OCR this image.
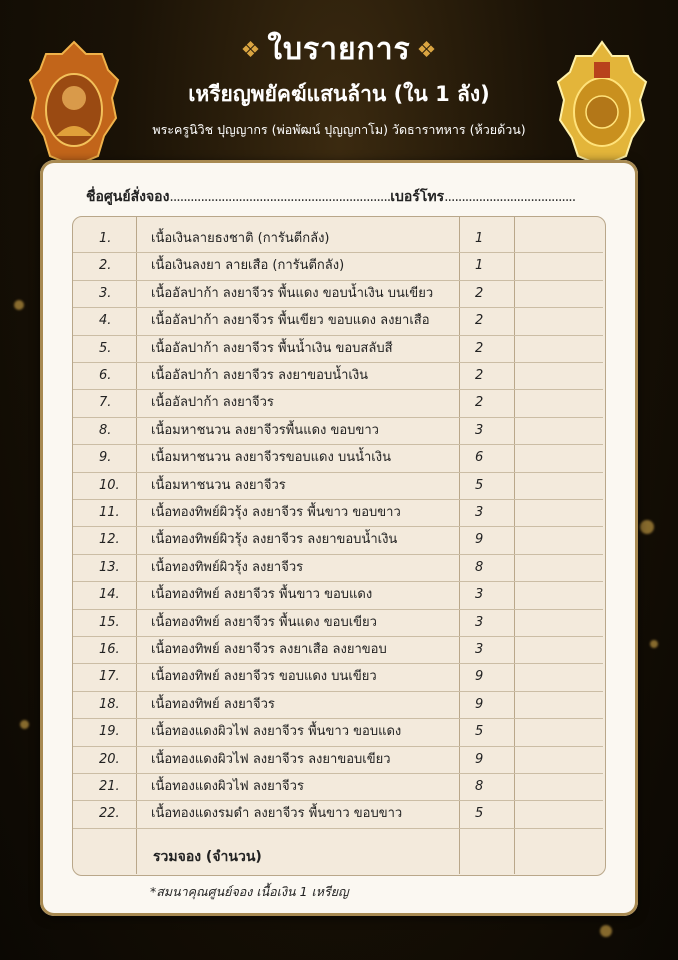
❖ ใบรายการ ❖
เหรียญพยัคฆ์แสนล้าน (ใน 1 ลัง)
พระครูนิวิช ปุญญากร (พ่อพัฒน์ ปุญญกาโม) วัดธาราทหาร (ห้วยด้วน)
ชื่อศูนย์สั่งจอง................................................................เบอร์โทร......................................
1.	เนื้อเงินลายธงชาติ (การันตีกลัง)	1
2.	เนื้อเงินลงยา ลายเสือ (การันตีกลัง)	1
3.	เนื้ออัลปาก้า ลงยาจีวร พื้นแดง ขอบน้ำเงิน บนเขียว	2
4.	เนื้ออัลปาก้า ลงยาจีวร พื้นเขียว ขอบแดง ลงยาเสือ	2
5.	เนื้ออัลปาก้า ลงยาจีวร พื้นน้ำเงิน ขอบสลับสี	2
6.	เนื้ออัลปาก้า ลงยาจีวร ลงยาขอบน้ำเงิน	2
7.	เนื้ออัลปาก้า ลงยาจีวร	2
8.	เนื้อมหาชนวน ลงยาจีวรพื้นแดง ขอบขาว	3
9.	เนื้อมหาชนวน ลงยาจีวรขอบแดง บนน้ำเงิน	6
10.	เนื้อมหาชนวน ลงยาจีวร	5
11.	เนื้อทองทิพย์ผิวรุ้ง ลงยาจีวร พื้นขาว ขอบขาว	3
12.	เนื้อทองทิพย์ผิวรุ้ง ลงยาจีวร ลงยาขอบน้ำเงิน	9
13.	เนื้อทองทิพย์ผิวรุ้ง ลงยาจีวร	8
14.	เนื้อทองทิพย์ ลงยาจีวร พื้นขาว ขอบแดง	3
15.	เนื้อทองทิพย์ ลงยาจีวร พื้นแดง ขอบเขียว	3
16.	เนื้อทองทิพย์ ลงยาจีวร ลงยาเสือ ลงยาขอบ	3
17.	เนื้อทองทิพย์ ลงยาจีวร ขอบแดง บนเขียว	9
18.	เนื้อทองทิพย์ ลงยาจีวร	9
19.	เนื้อทองแดงผิวไฟ ลงยาจีวร พื้นขาว ขอบแดง	5
20.	เนื้อทองแดงผิวไฟ ลงยาจีวร ลงยาขอบเขียว	9
21.	เนื้อทองแดงผิวไฟ ลงยาจีวร	8
22.	เนื้อทองแดงรมดำ ลงยาจีวร พื้นขาว ขอบขาว	5
รวมจอง (จำนวน)
*สมนาคุณศูนย์จอง เนื้อเงิน 1 เหรียญ
